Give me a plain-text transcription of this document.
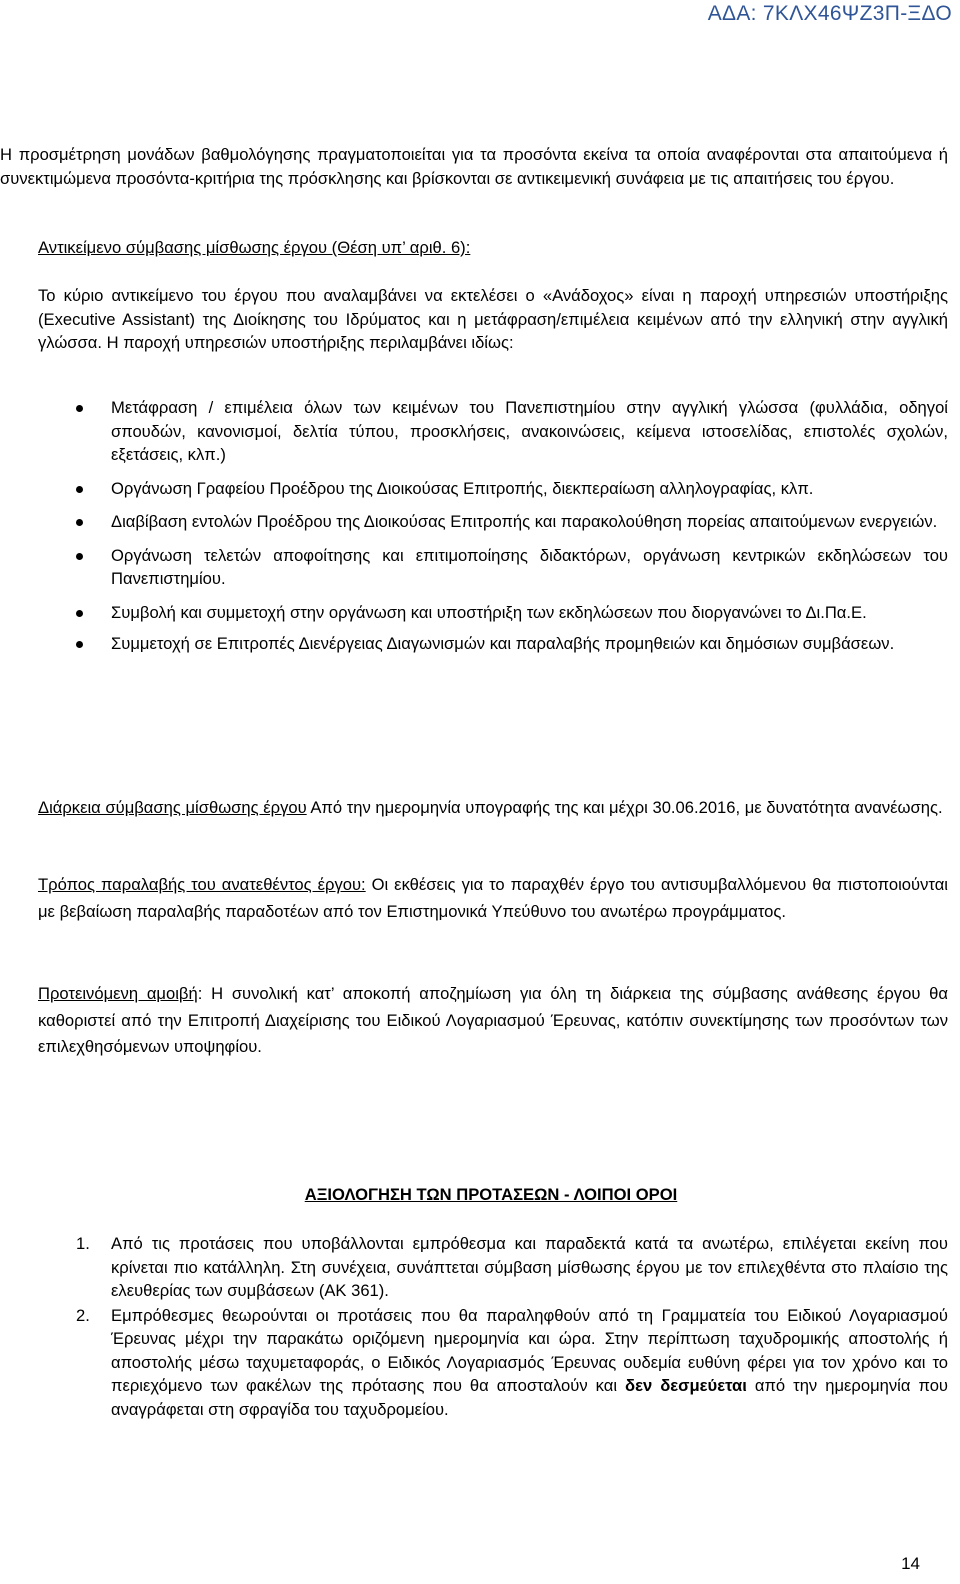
ΑΔΑ: 7ΚΛΧ46ΨΖ3Π-ΞΔΟ

Η προσμέτρηση μονάδων βαθμολόγησης πραγματοποιείται για τα προσόντα εκείνα τα οποία αναφέρονται στα απαιτούμενα ή συνεκτιμώμενα προσόντα-κριτήρια της πρόσκλησης και βρίσκονται σε αντικειμενική συνάφεια με τις απαιτήσεις του έργου.

Αντικείμενο σύμβασης μίσθωσης έργου (Θέση υπ’ αριθ. 6):

Το κύριο αντικείμενο του έργου που αναλαμβάνει να εκτελέσει ο «Ανάδοχος» είναι η παροχή υπηρεσιών υποστήριξης (Executive Assistant) της Διοίκησης του Ιδρύματος και η μετάφραση/επιμέλεια κειμένων από την ελληνική στην αγγλική γλώσσα. Η παροχή υπηρεσιών υποστήριξης περιλαμβάνει ιδίως:

Μετάφραση / επιμέλεια όλων των κειμένων του Πανεπιστημίου στην αγγλική γλώσσα (φυλλάδια, οδηγοί σπουδών, κανονισμοί, δελτία τύπου, προσκλήσεις, ανακοινώσεις, κείμενα ιστοσελίδας, επιστολές σχολών, εξετάσεις, κλπ.)
Οργάνωση Γραφείου Προέδρου της Διοικούσας Επιτροπής, διεκπεραίωση αλληλογραφίας, κλπ.
Διαβίβαση εντολών Προέδρου της Διοικούσας Επιτροπής και παρακολούθηση πορείας απαιτούμενων ενεργειών.
Οργάνωση τελετών αποφοίτησης και επιτιμοποίησης διδακτόρων, οργάνωση κεντρικών εκδηλώσεων του Πανεπιστημίου.
Συμβολή και συμμετοχή στην οργάνωση και υποστήριξη των εκδηλώσεων που διοργανώνει το Δι.Πα.Ε.
Συμμετοχή σε Επιτροπές Διενέργειας Διαγωνισμών και παραλαβής προμηθειών και δημόσιων συμβάσεων.

Διάρκεια σύμβασης μίσθωσης έργου Από την ημερομηνία υπογραφής της και μέχρι 30.06.2016, με δυνατότητα ανανέωσης.

Τρόπος παραλαβής του ανατεθέντος έργου: Οι εκθέσεις για το παραχθέν έργο του αντισυμβαλλόμενου θα πιστοποιούνται με βεβαίωση παραλαβής παραδοτέων από τον Επιστημονικά Υπεύθυνο του ανωτέρω προγράμματος.

Προτεινόμενη αμοιβή: Η συνολική κατ’ αποκοπή αποζημίωση για όλη τη διάρκεια της σύμβασης ανάθεσης έργου θα καθοριστεί από την Επιτροπή Διαχείρισης του Ειδικού Λογαριασμού Έρευνας, κατόπιν συνεκτίμησης των προσόντων των επιλεχθησόμενων υποψηφίου.

ΑΞΙΟΛΟΓΗΣΗ ΤΩΝ ΠΡΟΤΑΣΕΩΝ - ΛΟΙΠΟΙ ΟΡΟΙ
1. Από τις προτάσεις που υποβάλλονται εμπρόθεσμα και παραδεκτά κατά τα ανωτέρω, επιλέγεται εκείνη που κρίνεται πιο κατάλληλη. Στη συνέχεια, συνάπτεται σύμβαση μίσθωσης έργου με τον επιλεχθέντα στο πλαίσιο της ελευθερίας των συμβάσεων (ΑΚ 361).
2. Εμπρόθεσμες θεωρούνται οι προτάσεις που θα παραληφθούν από τη Γραμματεία του Ειδικού Λογαριασμού Έρευνας μέχρι την παρακάτω οριζόμενη ημερομηνία και ώρα. Στην περίπτωση ταχυδρομικής αποστολής ή αποστολής μέσω ταχυμεταφοράς, ο Ειδικός Λογαριασμός Έρευνας ουδεμία ευθύνη φέρει για τον χρόνο και το περιεχόμενο των φακέλων της πρότασης που θα αποσταλούν και δεν δεσμεύεται από την ημερομηνία που αναγράφεται στη σφραγίδα του ταχυδρομείου.
14
